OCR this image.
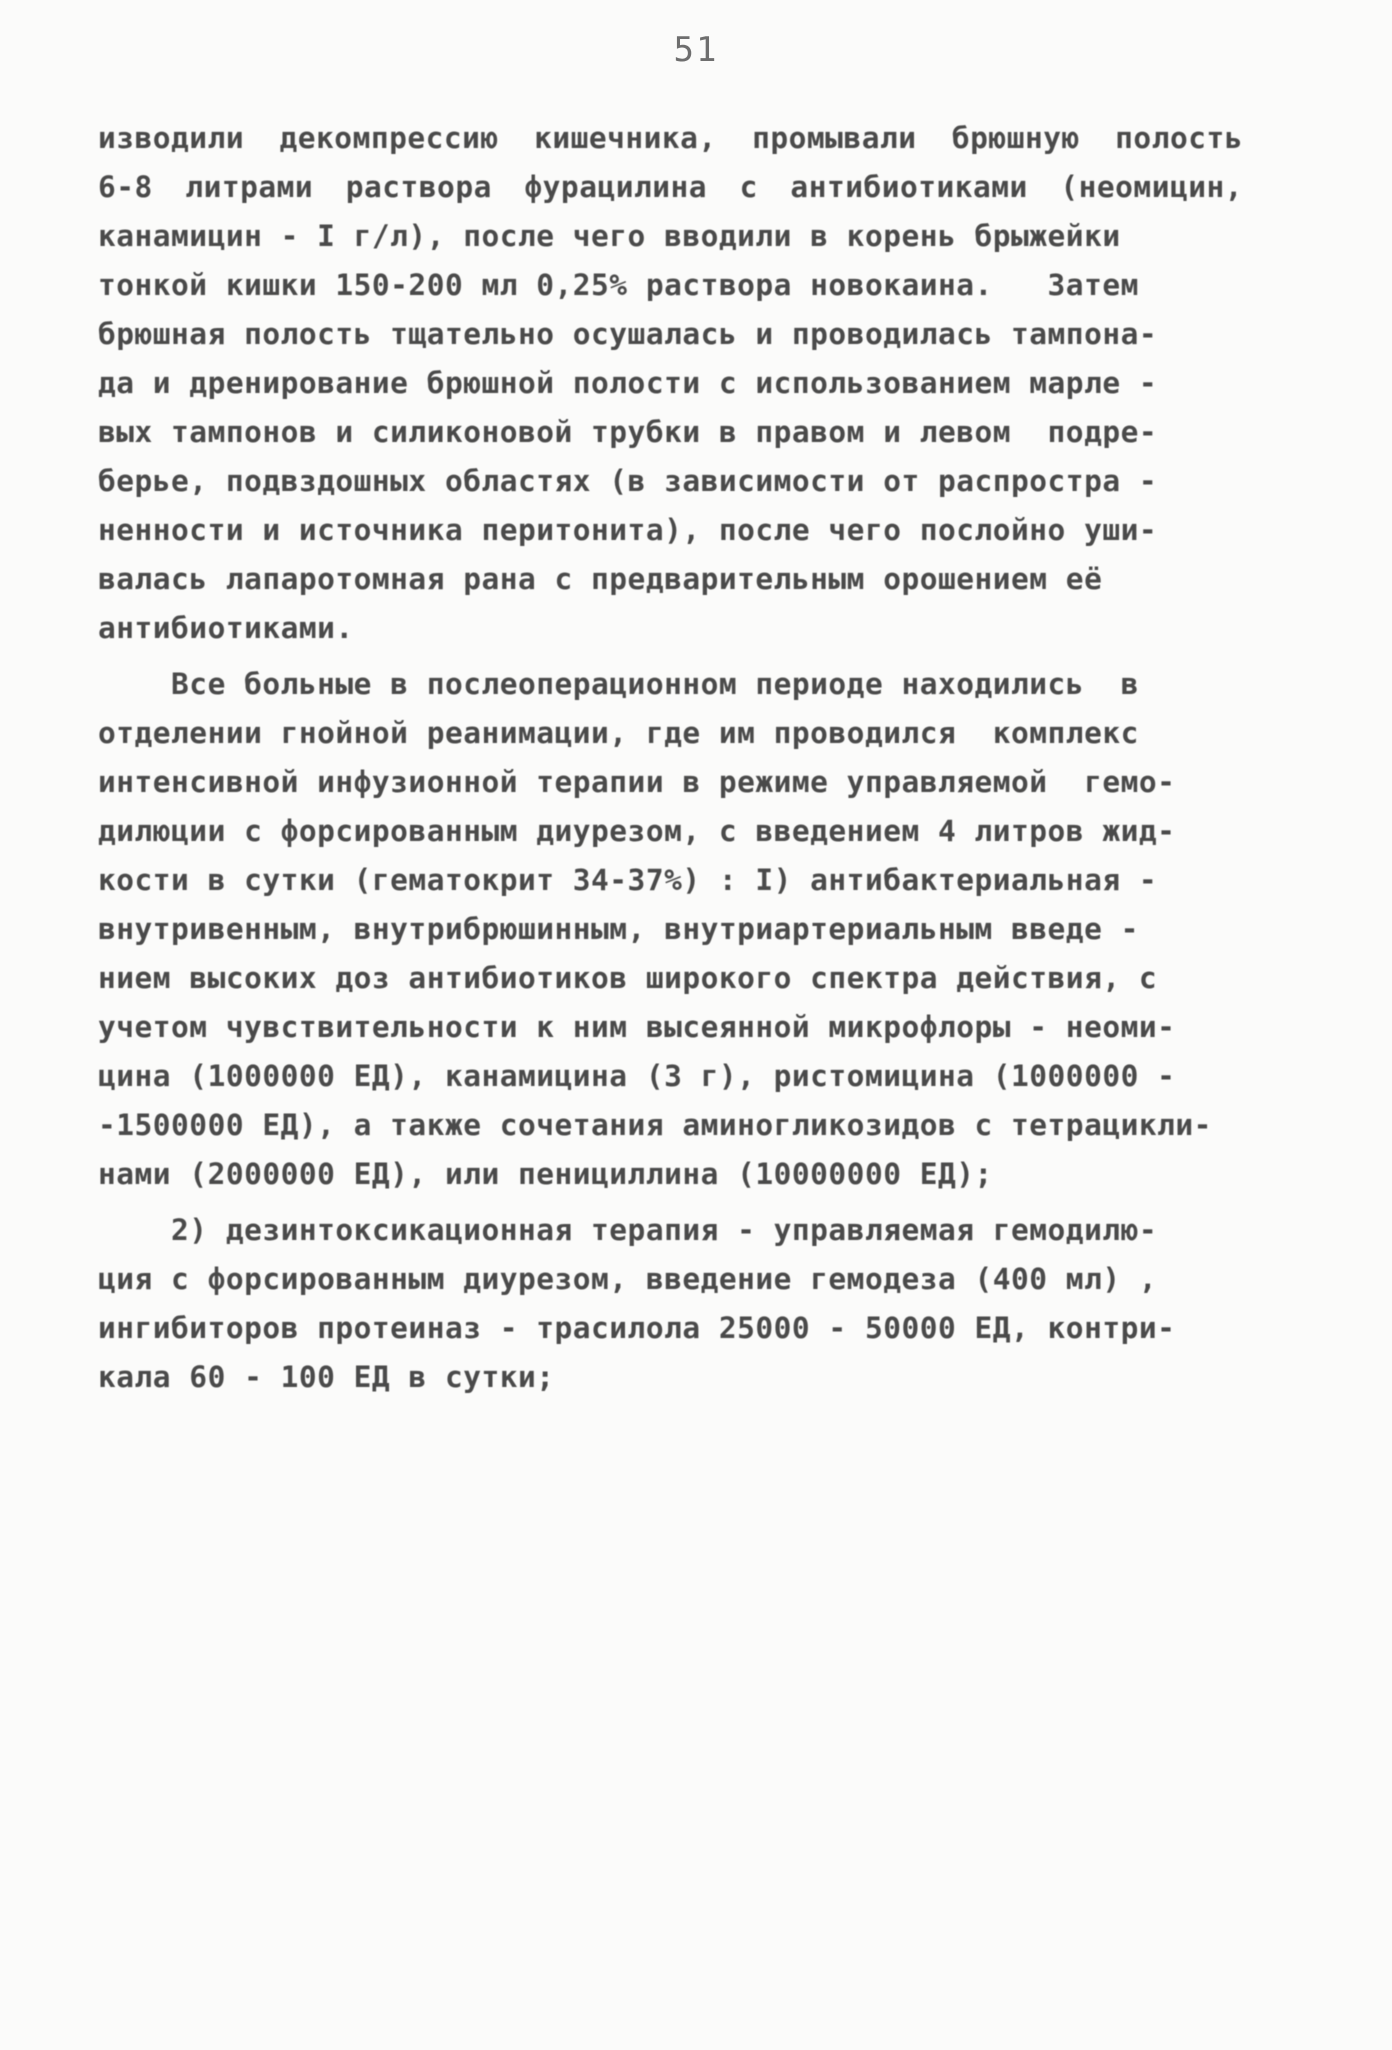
51
изводили декомпрессию кишечника, промывали брюшную полость
6-8 литрами раствора фурацилина с антибиотиками (неомицин,
канамицин - I г/л), после чего вводили в корень брыжейки
тонкой кишки 150-200 мл 0,25% раствора новокаина.   Затем
брюшная полость тщательно осушалась и проводилась тампона-
да и дренирование брюшной полости с использованием марле -
вых тампонов и силиконовой трубки в правом и левом  подре-
берье, подвздошных областях (в зависимости от распростра -
ненности и источника перитонита), после чего послойно уши-
валась лапаротомная рана с предварительным орошением её
антибиотиками.
Все больные в послеоперационном периоде находились  в
отделении гнойной реанимации, где им проводился  комплекс
интенсивной инфузионной терапии в режиме управляемой  гемо-
дилюции с форсированным диурезом, с введением 4 литров жид-
кости в сутки (гематокрит 34-37%) : I) антибактериальная -
внутривенным, внутрибрюшинным, внутриартериальным введе -
нием высоких доз антибиотиков широкого спектра действия, с
учетом чувствительности к ним высеянной микрофлоры - неоми-
цина (1000000 ЕД), канамицина (3 г), ристомицина (1000000 -
-1500000 ЕД), а также сочетания аминогликозидов с тетрацикли-
нами (2000000 ЕД), или пенициллина (10000000 ЕД);
2) дезинтоксикационная терапия - управляемая гемодилю-
ция с форсированным диурезом, введение гемодеза (400 мл) ,
ингибиторов протеиназ - трасилола 25000 - 50000 ЕД, контри-
кала 60 - 100 ЕД в сутки;
